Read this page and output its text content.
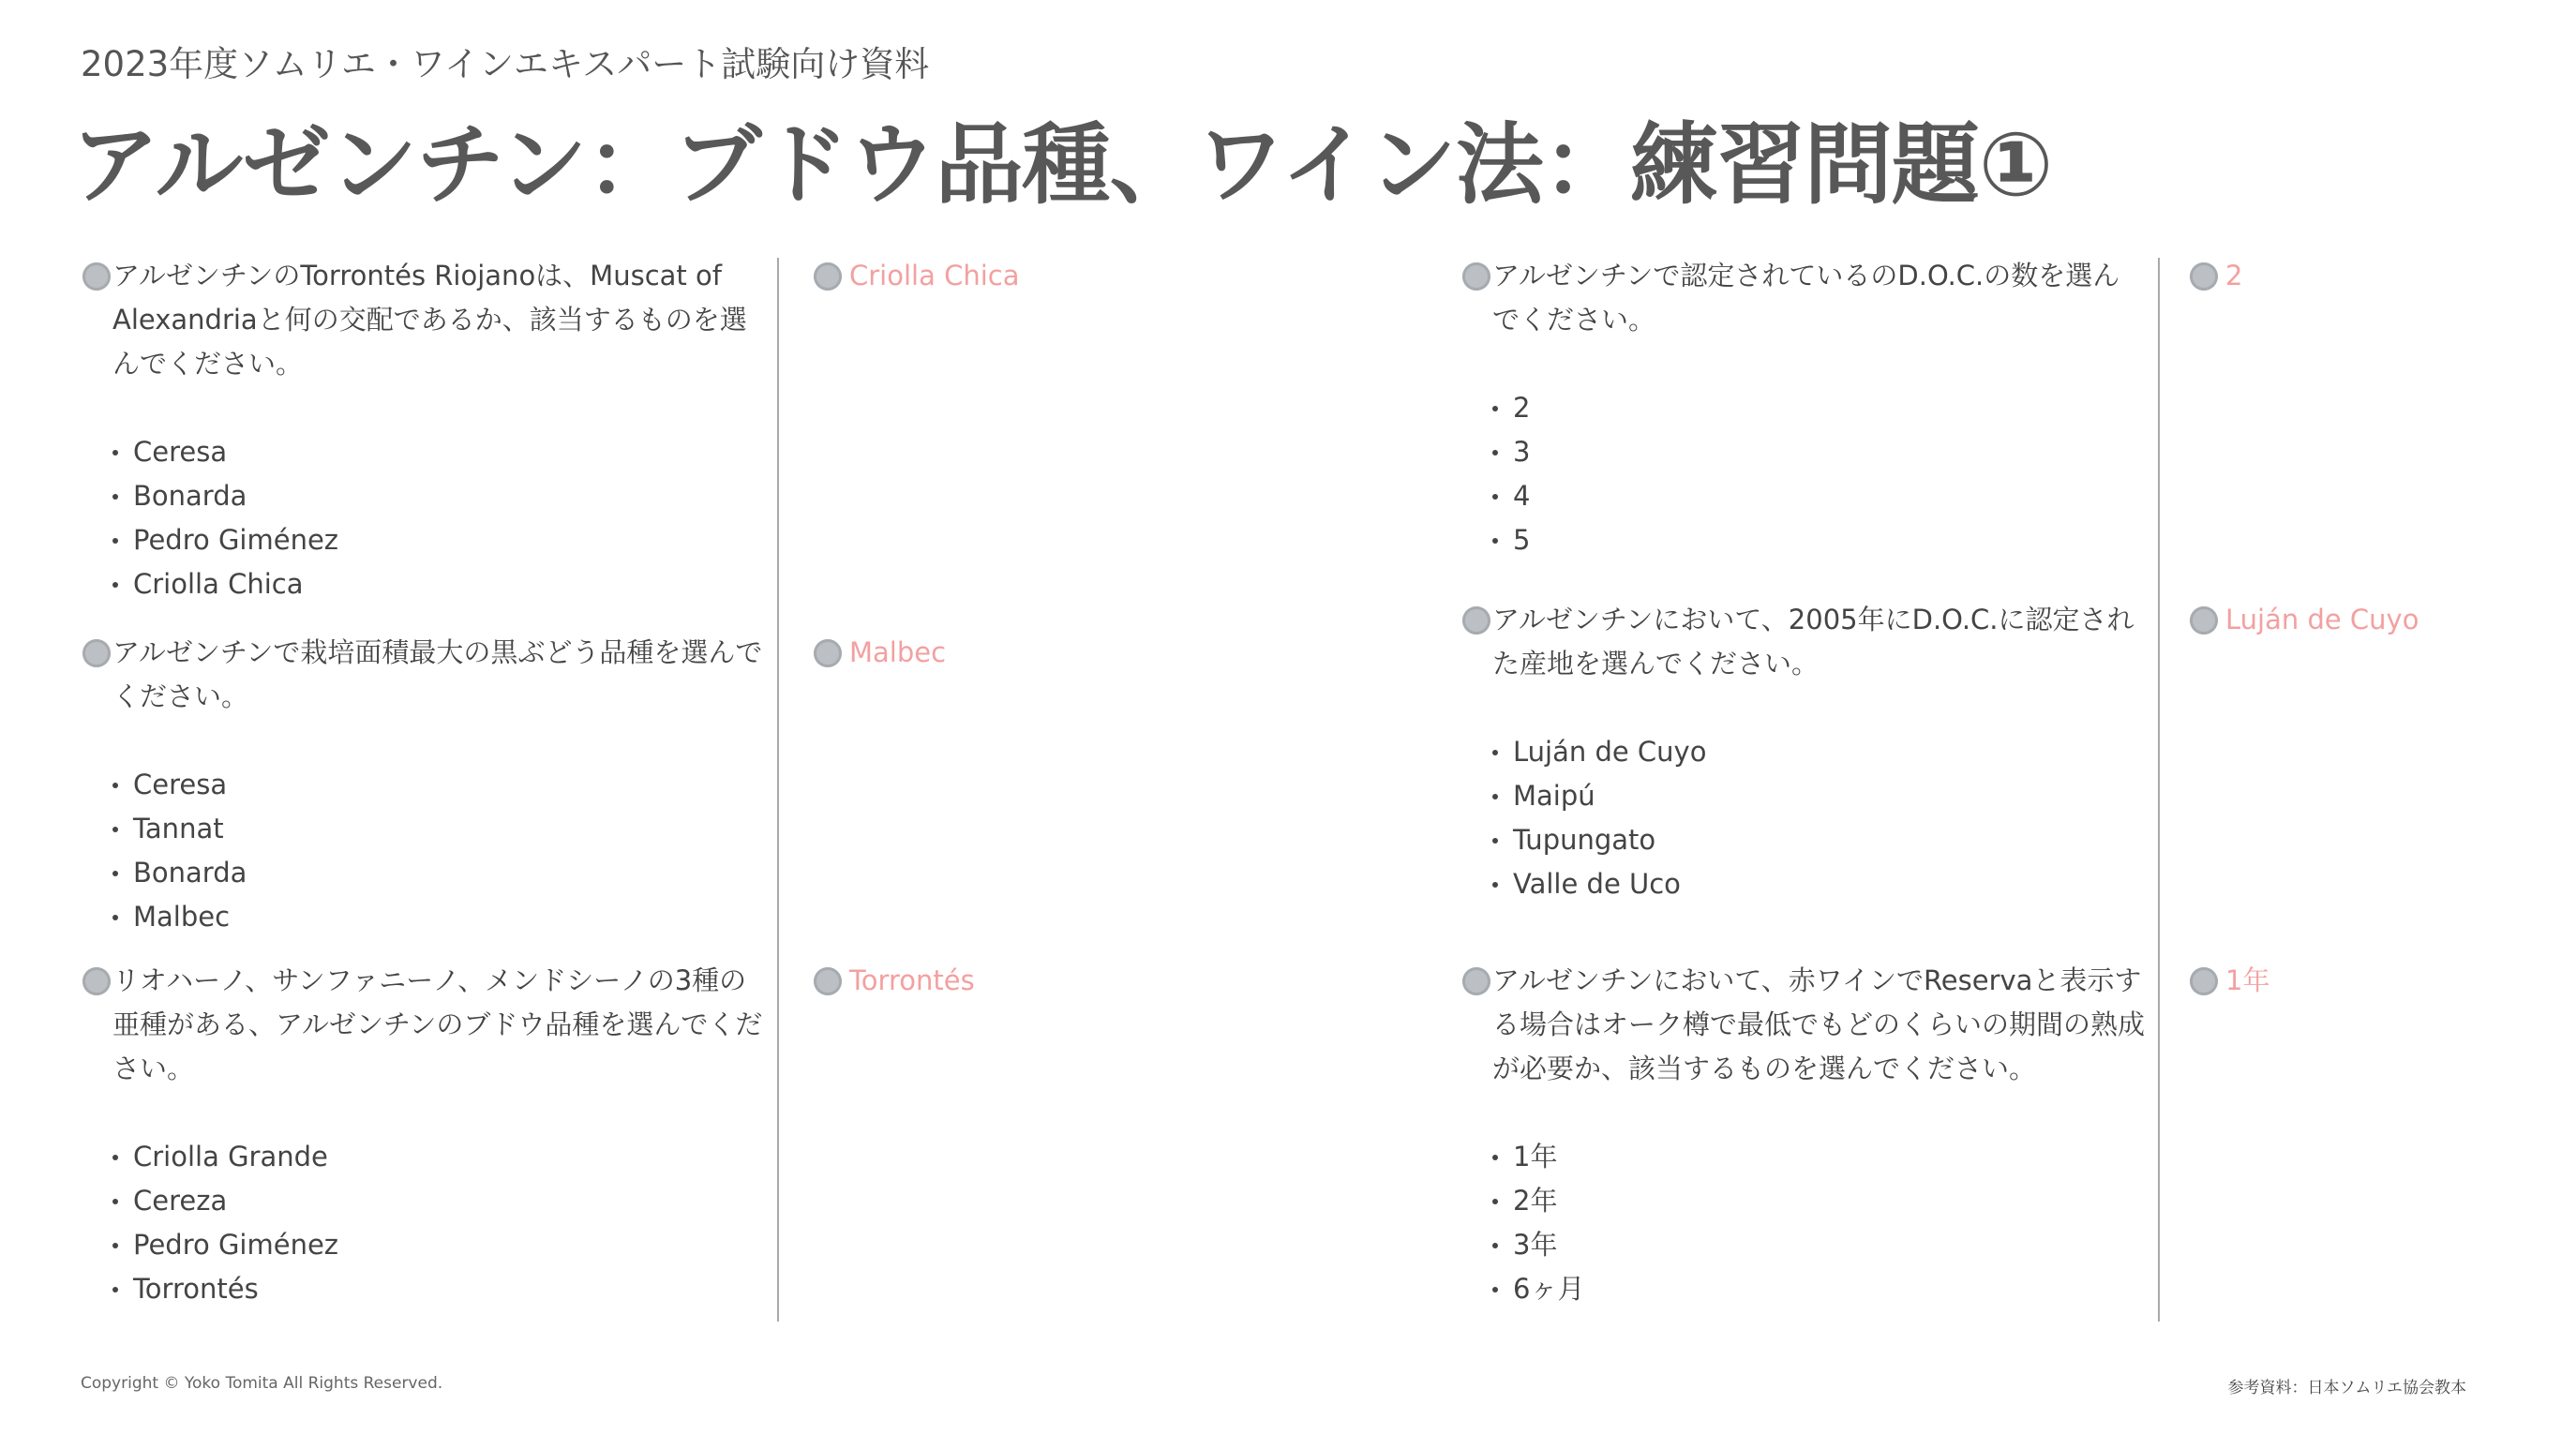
2023年度ソムリエ・ワインエキスパート試験向け資料
アルゼンチン：ブドウ品種、ワイン法：練習問題①

アルゼンチンのTorrontés Riojanoは、Muscat of Alexandriaと何の交配であるか、該当するものを選んでください。

Ceresa
Bonarda
Pedro Giménez
Criolla Chica
Criolla Chica

アルゼンチンで栽培面積最大の黒ぶどう品種を選んでください。

Ceresa
Tannat
Bonarda
Malbec
Malbec

リオハーノ、サンファニーノ、メンドシーノの3種の亜種がある、アルゼンチンのブドウ品種を選んでください。

Criolla Grande
Cereza
Pedro Giménez
Torrontés
Torrontés

アルゼンチンで認定されているのD.O.C.の数を選んでください。

2
3
4
5
2

アルゼンチンにおいて、2005年にD.O.C.に認定された産地を選んでください。

Luján de Cuyo
Maipú
Tupungato
Valle de Uco
Luján de Cuyo

アルゼンチンにおいて、赤ワインでReservaと表示する場合はオーク樽で最低でもどのくらいの期間の熟成が必要か、該当するものを選んでください。

1年
2年
3年
6ヶ月
1年
Copyright © Yoko Tomita All Rights Reserved.	参考資料：日本ソムリエ協会教本
